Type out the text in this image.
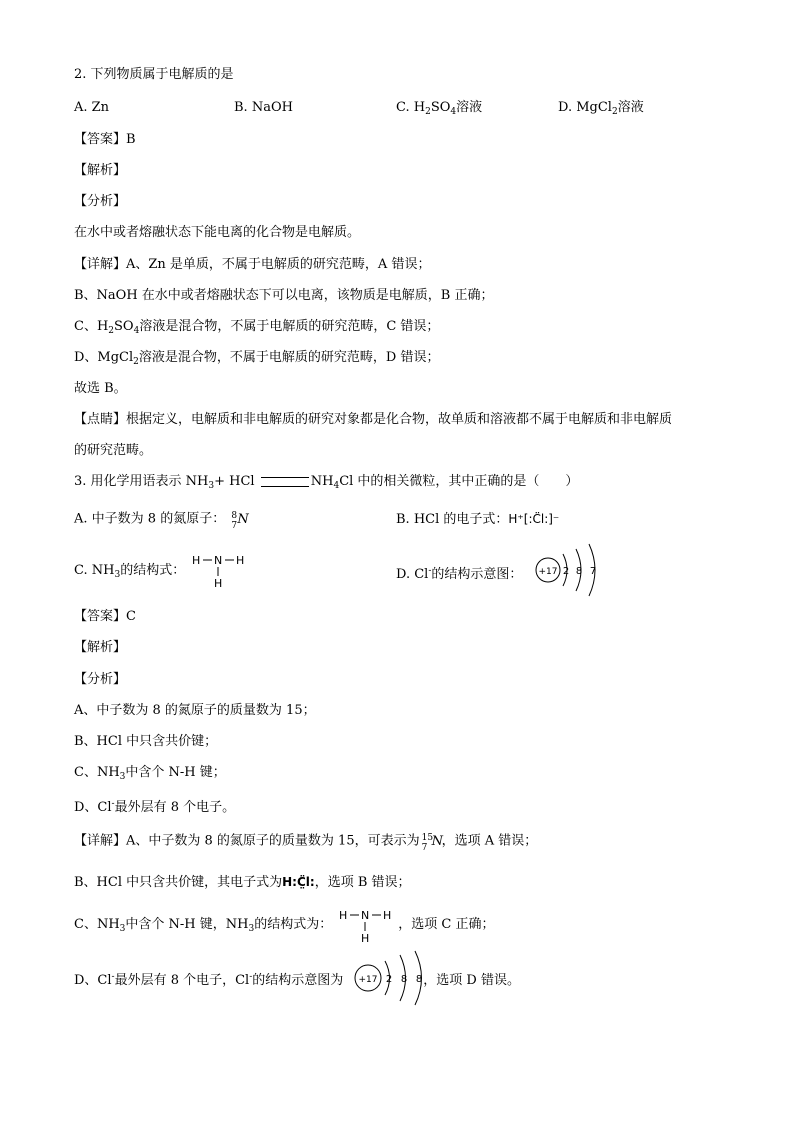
2. 下列物质属于电解质的是
A. Zn	B. NaOH	C. $H_2SO_4$溶液	D. MgCl$_2$溶液
【答案】B
【解析】
【分析】
在水中或者熔融状态下能电离的化合物是电解质。
【详解】A、Zn 是单质，不属于电解质的研究范畴，A 错误；
B、NaOH 在水中或者熔融状态下可以电离，该物质是电解质，B 正确；
C、$H_2SO_4$溶液是混合物，不属于电解质的研究范畴，C 错误；
D、MgCl$_2$溶液是混合物，不属于电解质的研究范畴，D 错误；
故选 B。
【点睛】根据定义，电解质和非电解质的研究对象都是化合物，故单质和溶液都不属于电解质和非电解质
的研究范畴。
3. 用化学用语表示 $NH_3+$ HCl	$NH_4Cl$ 中的相关微粒，其中正确的是（　　）
A. 中子数为 8 的氮原子： 8
7 N	B. HCl 的电子式：H⁺[:C̈l:]⁻
C. $NH_3$的结构式：
H N H
H
D. Cl-的结构示意图： +17 2 8 7
【答案】C
【解析】
【分析】
A、中子数为 8 的氮原子的质量数为 15；
B、HCl 中只含共价键；
C、$NH_3$中含个 N-H 键；
D、Cl-最外层有 8 个电子。
【详解】A、中子数为 8 的氮原子的质量数为 15，可表示为 15
7 N
，选项 A 错误；
B、HCl 中只含共价键，其电子式为H:C̤̈l:，选项 B 错误；
C、$NH_3$中含个 N-H 键，$NH_3$的结构式为：	，选项 C 正确；
H N H
H
D、Cl-最外层有 8 个电子，Cl-的结构示意图为	，选项 D 错误。
+17 2 8 8
